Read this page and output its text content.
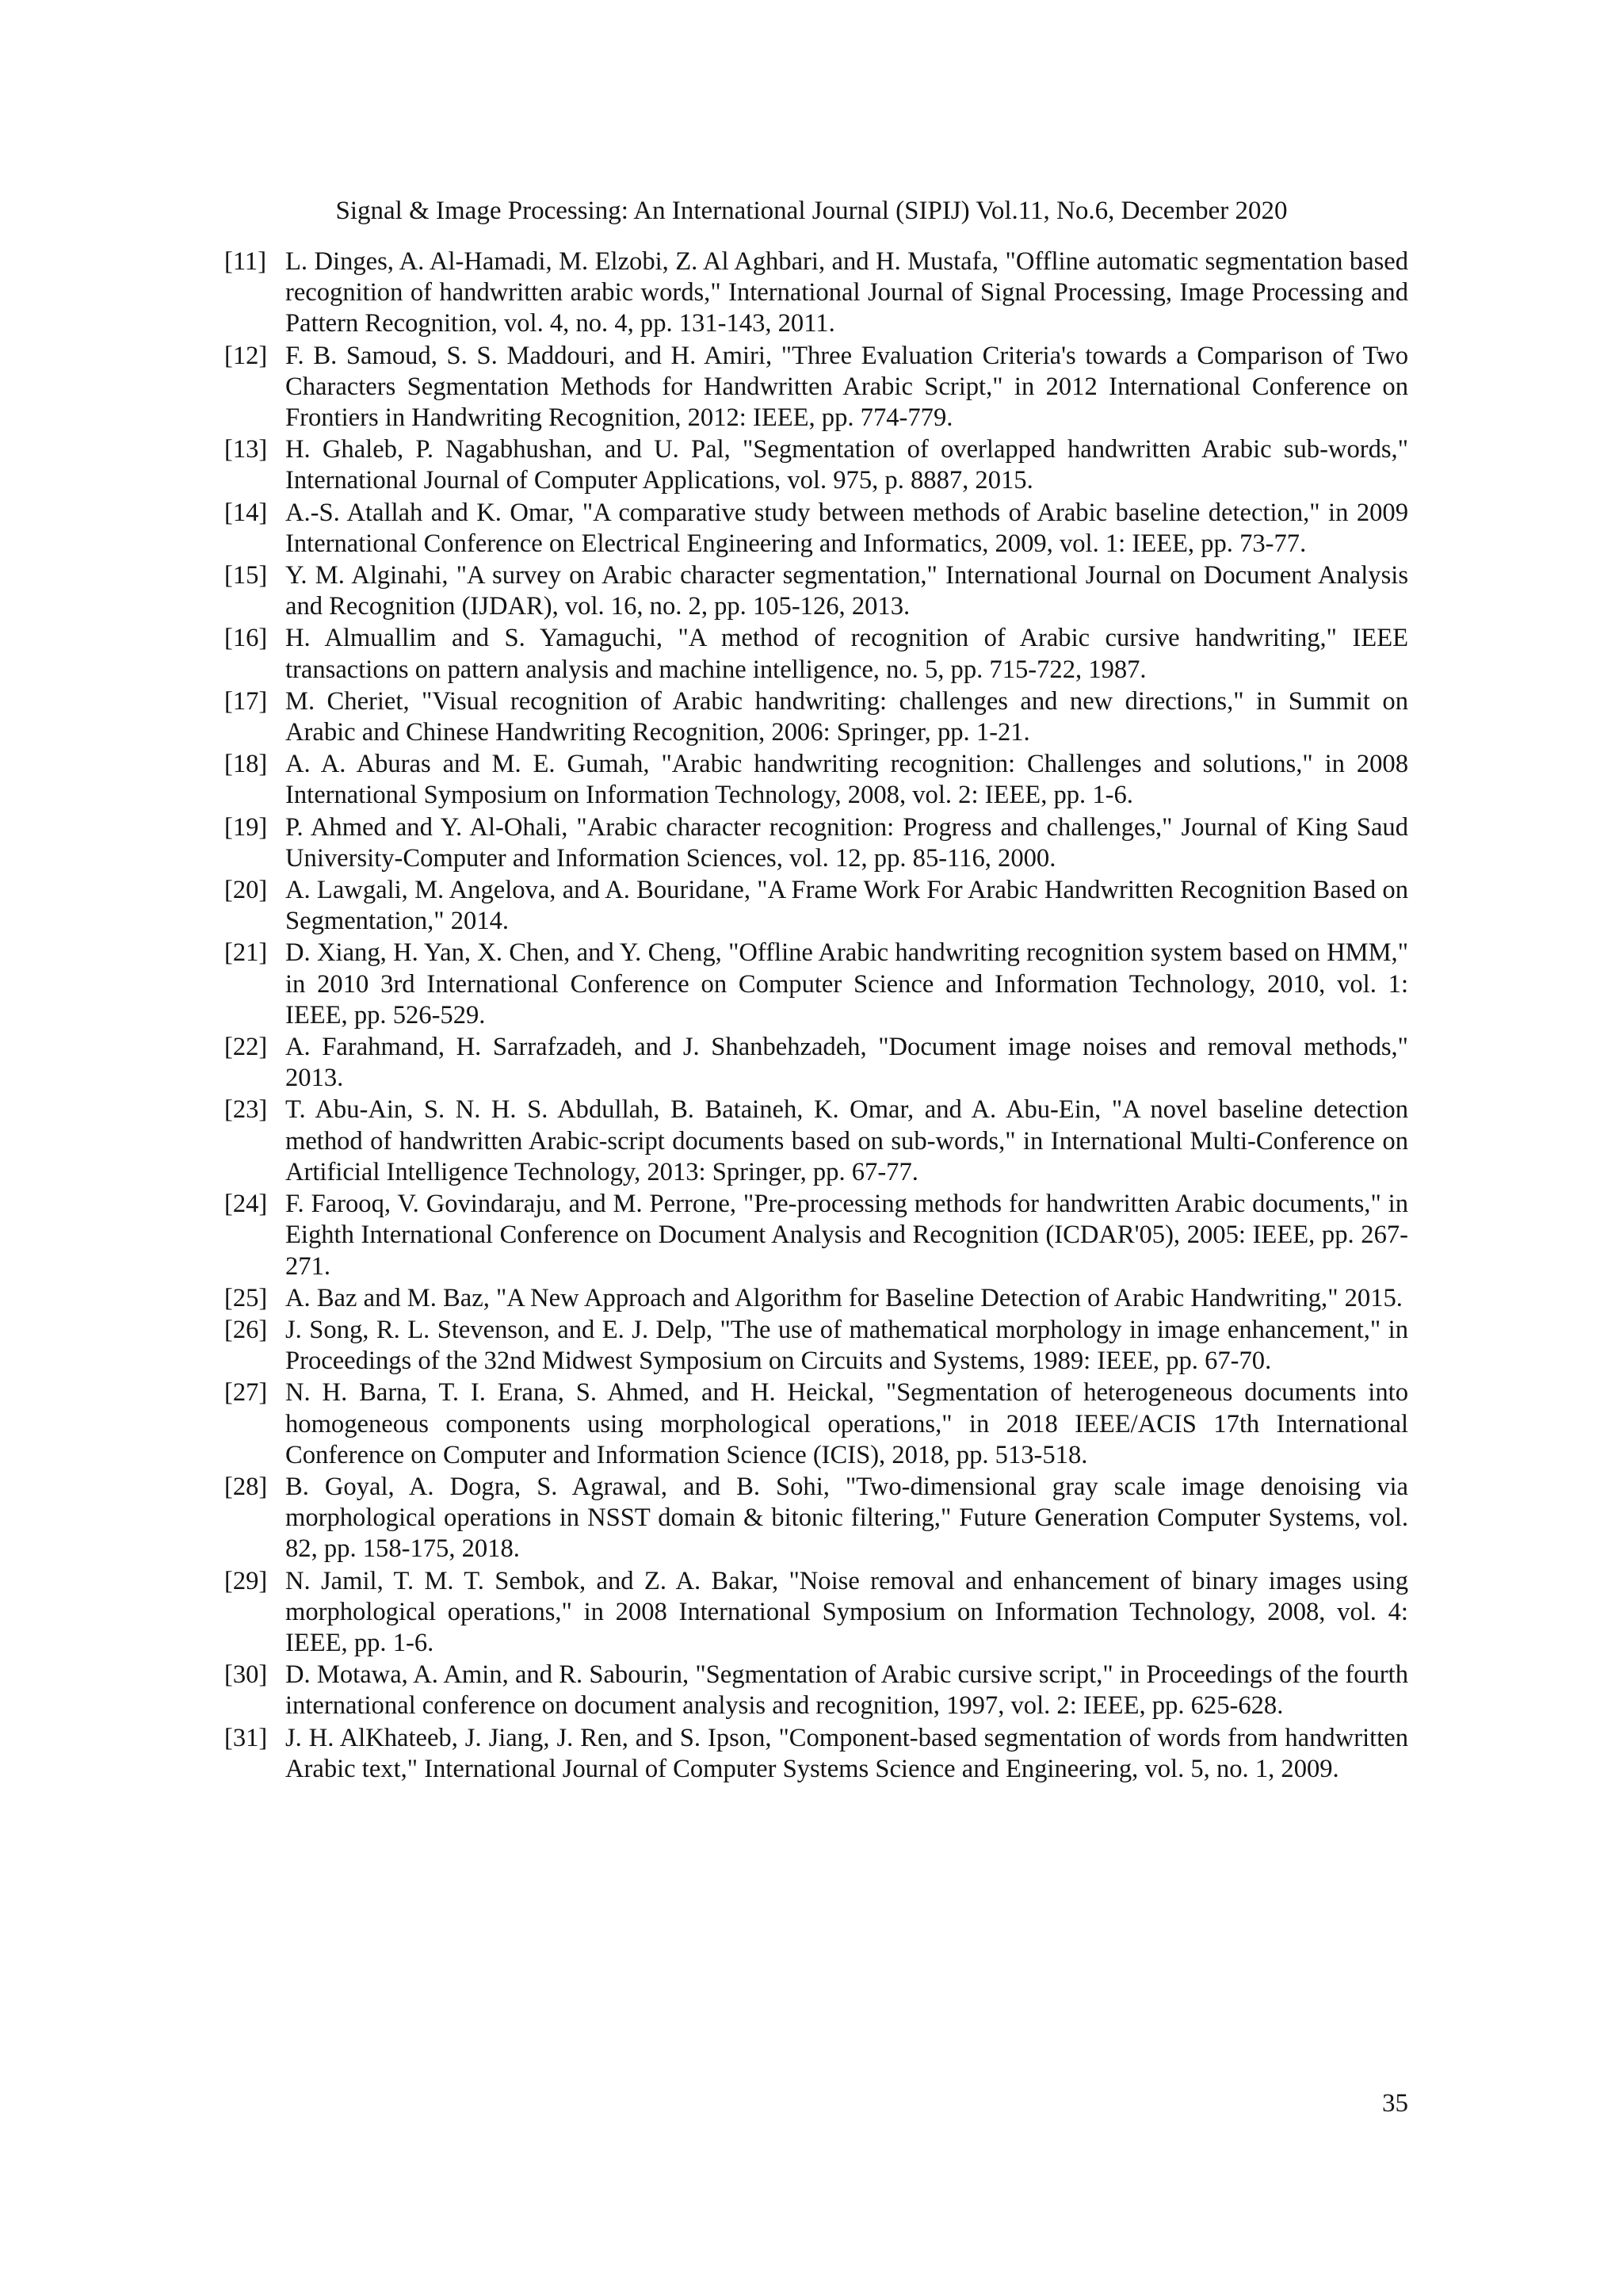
Signal & Image Processing: An International Journal (SIPIJ) Vol.11, No.6, December 2020
[11] L. Dinges, A. Al-Hamadi, M. Elzobi, Z. Al Aghbari, and H. Mustafa, "Offline automatic segmentation based recognition of handwritten arabic words," International Journal of Signal Processing, Image Processing and Pattern Recognition, vol. 4, no. 4, pp. 131-143, 2011.
[12] F. B. Samoud, S. S. Maddouri, and H. Amiri, "Three Evaluation Criteria's towards a Comparison of Two Characters Segmentation Methods for Handwritten Arabic Script," in 2012 International Conference on Frontiers in Handwriting Recognition, 2012: IEEE, pp. 774-779.
[13] H. Ghaleb, P. Nagabhushan, and U. Pal, "Segmentation of overlapped handwritten Arabic sub-words," International Journal of Computer Applications, vol. 975, p. 8887, 2015.
[14] A.-S. Atallah and K. Omar, "A comparative study between methods of Arabic baseline detection," in 2009 International Conference on Electrical Engineering and Informatics, 2009, vol. 1: IEEE, pp. 73-77.
[15] Y. M. Alginahi, "A survey on Arabic character segmentation," International Journal on Document Analysis and Recognition (IJDAR), vol. 16, no. 2, pp. 105-126, 2013.
[16] H. Almuallim and S. Yamaguchi, "A method of recognition of Arabic cursive handwriting," IEEE transactions on pattern analysis and machine intelligence, no. 5, pp. 715-722, 1987.
[17] M. Cheriet, "Visual recognition of Arabic handwriting: challenges and new directions," in Summit on Arabic and Chinese Handwriting Recognition, 2006: Springer, pp. 1-21.
[18] A. A. Aburas and M. E. Gumah, "Arabic handwriting recognition: Challenges and solutions," in 2008 International Symposium on Information Technology, 2008, vol. 2: IEEE, pp. 1-6.
[19] P. Ahmed and Y. Al-Ohali, "Arabic character recognition: Progress and challenges," Journal of King Saud University-Computer and Information Sciences, vol. 12, pp. 85-116, 2000.
[20] A. Lawgali, M. Angelova, and A. Bouridane, "A Frame Work For Arabic Handwritten Recognition Based on Segmentation," 2014.
[21] D. Xiang, H. Yan, X. Chen, and Y. Cheng, "Offline Arabic handwriting recognition system based on HMM," in 2010 3rd International Conference on Computer Science and Information Technology, 2010, vol. 1: IEEE, pp. 526-529.
[22] A. Farahmand, H. Sarrafzadeh, and J. Shanbehzadeh, "Document image noises and removal methods," 2013.
[23] T. Abu-Ain, S. N. H. S. Abdullah, B. Bataineh, K. Omar, and A. Abu-Ein, "A novel baseline detection method of handwritten Arabic-script documents based on sub-words," in International Multi-Conference on Artificial Intelligence Technology, 2013: Springer, pp. 67-77.
[24] F. Farooq, V. Govindaraju, and M. Perrone, "Pre-processing methods for handwritten Arabic documents," in Eighth International Conference on Document Analysis and Recognition (ICDAR'05), 2005: IEEE, pp. 267-271.
[25] A. Baz and M. Baz, "A New Approach and Algorithm for Baseline Detection of Arabic Handwriting," 2015.
[26] J. Song, R. L. Stevenson, and E. J. Delp, "The use of mathematical morphology in image enhancement," in Proceedings of the 32nd Midwest Symposium on Circuits and Systems, 1989: IEEE, pp. 67-70.
[27] N. H. Barna, T. I. Erana, S. Ahmed, and H. Heickal, "Segmentation of heterogeneous documents into homogeneous components using morphological operations," in 2018 IEEE/ACIS 17th International Conference on Computer and Information Science (ICIS), 2018, pp. 513-518.
[28] B. Goyal, A. Dogra, S. Agrawal, and B. Sohi, "Two-dimensional gray scale image denoising via morphological operations in NSST domain & bitonic filtering," Future Generation Computer Systems, vol. 82, pp. 158-175, 2018.
[29] N. Jamil, T. M. T. Sembok, and Z. A. Bakar, "Noise removal and enhancement of binary images using morphological operations," in 2008 International Symposium on Information Technology, 2008, vol. 4: IEEE, pp. 1-6.
[30] D. Motawa, A. Amin, and R. Sabourin, "Segmentation of Arabic cursive script," in Proceedings of the fourth international conference on document analysis and recognition, 1997, vol. 2: IEEE, pp. 625-628.
[31] J. H. AlKhateeb, J. Jiang, J. Ren, and S. Ipson, "Component-based segmentation of words from handwritten Arabic text," International Journal of Computer Systems Science and Engineering, vol. 5, no. 1, 2009.
35
